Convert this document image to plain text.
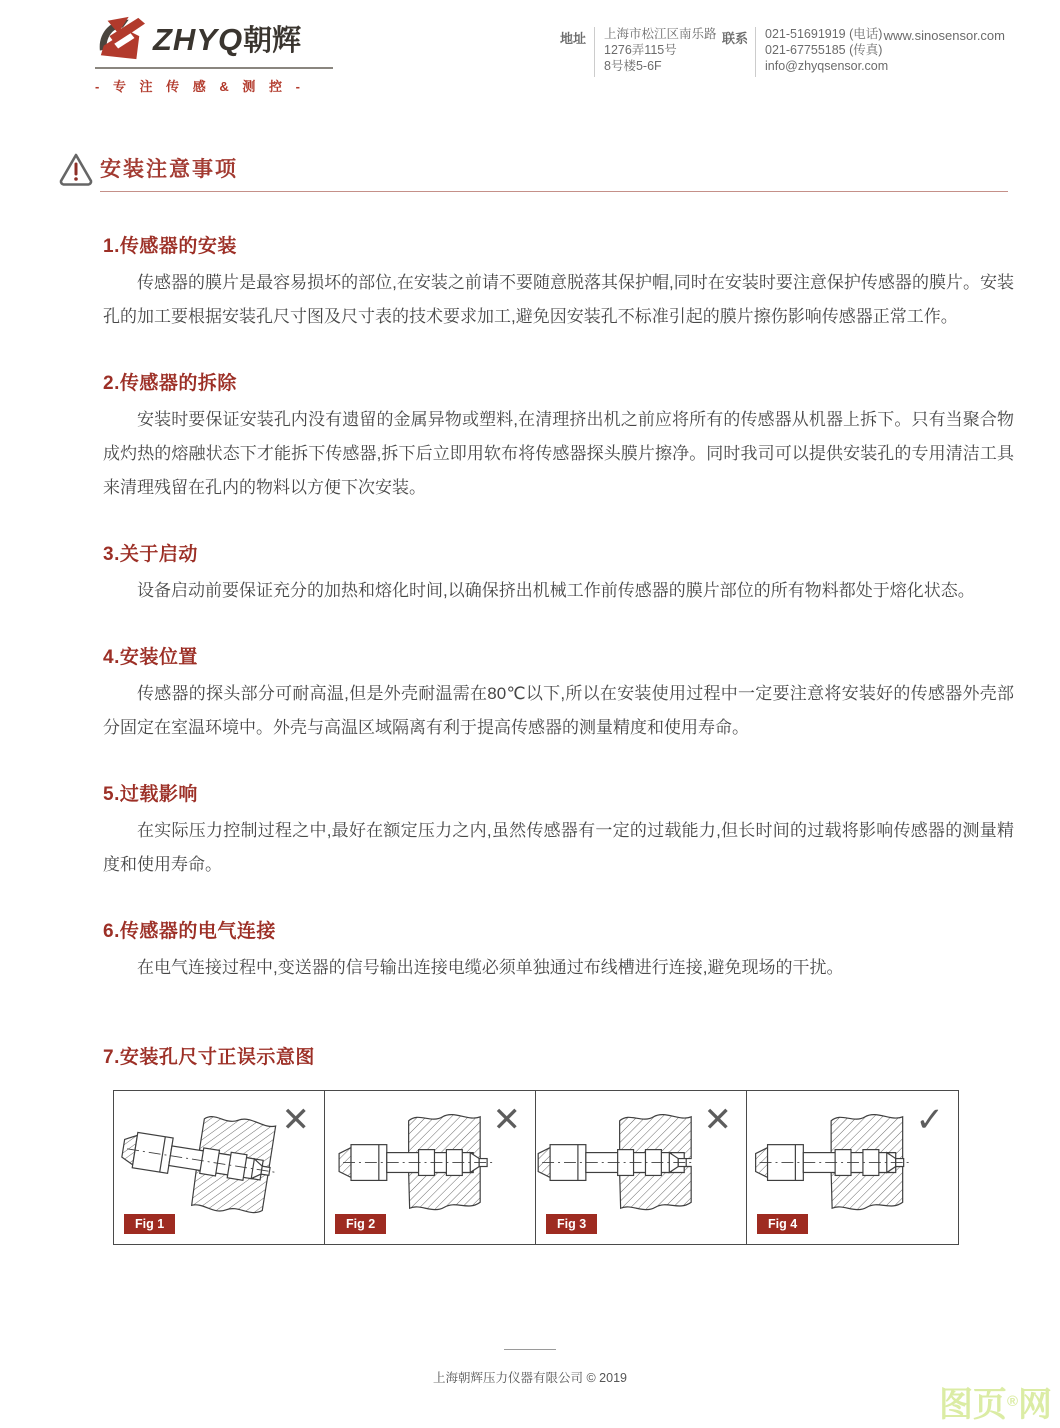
ZHYQ朝辉
- 专 注 传 感 & 测 控 -
地址 上海市松江区南乐路
1276弄115号
8号楼5-6F
联系 021-51691919 (电话)
021-67755185 (传真)
info@zhyqsensor.com
www.sinosensor.com
安装注意事项
1.传感器的安装

传感器的膜片是最容易损坏的部位,在安装之前请不要随意脱落其保护帽,同时在安装时要注意保护传感器的膜片。安装孔的加工要根据安装孔尺寸图及尺寸表的技术要求加工,避免因安装孔不标准引起的膜片擦伤影响传感器正常工作。

2.传感器的拆除

安装时要保证安装孔内没有遗留的金属异物或塑料,在清理挤出机之前应将所有的传感器从机器上拆下。只有当聚合物成灼热的熔融状态下才能拆下传感器,拆下后立即用软布将传感器探头膜片擦净。同时我司可以提供安装孔的专用清洁工具来清理残留在孔内的物料以方便下次安装。

3.关于启动

设备启动前要保证充分的加热和熔化时间,以确保挤出机械工作前传感器的膜片部位的所有物料都处于熔化状态。

4.安装位置

传感器的探头部分可耐高温,但是外壳耐温需在80℃以下,所以在安装使用过程中一定要注意将安装好的传感器外壳部分固定在室温环境中。外壳与高温区域隔离有利于提高传感器的测量精度和使用寿命。

5.过载影响

在实际压力控制过程之中,最好在额定压力之内,虽然传感器有一定的过载能力,但长时间的过载将影响传感器的测量精度和使用寿命。

6.传感器的电气连接

在电气连接过程中,变送器的信号输出连接电缆必须单独通过布线槽进行连接,避免现场的干扰。

7.安装孔尺寸正误示意图
✕
Fig 1
✕
Fig 2
✕
Fig 3
✓
Fig 4
上海朝辉压力仪器有限公司 © 2019
图页®网
